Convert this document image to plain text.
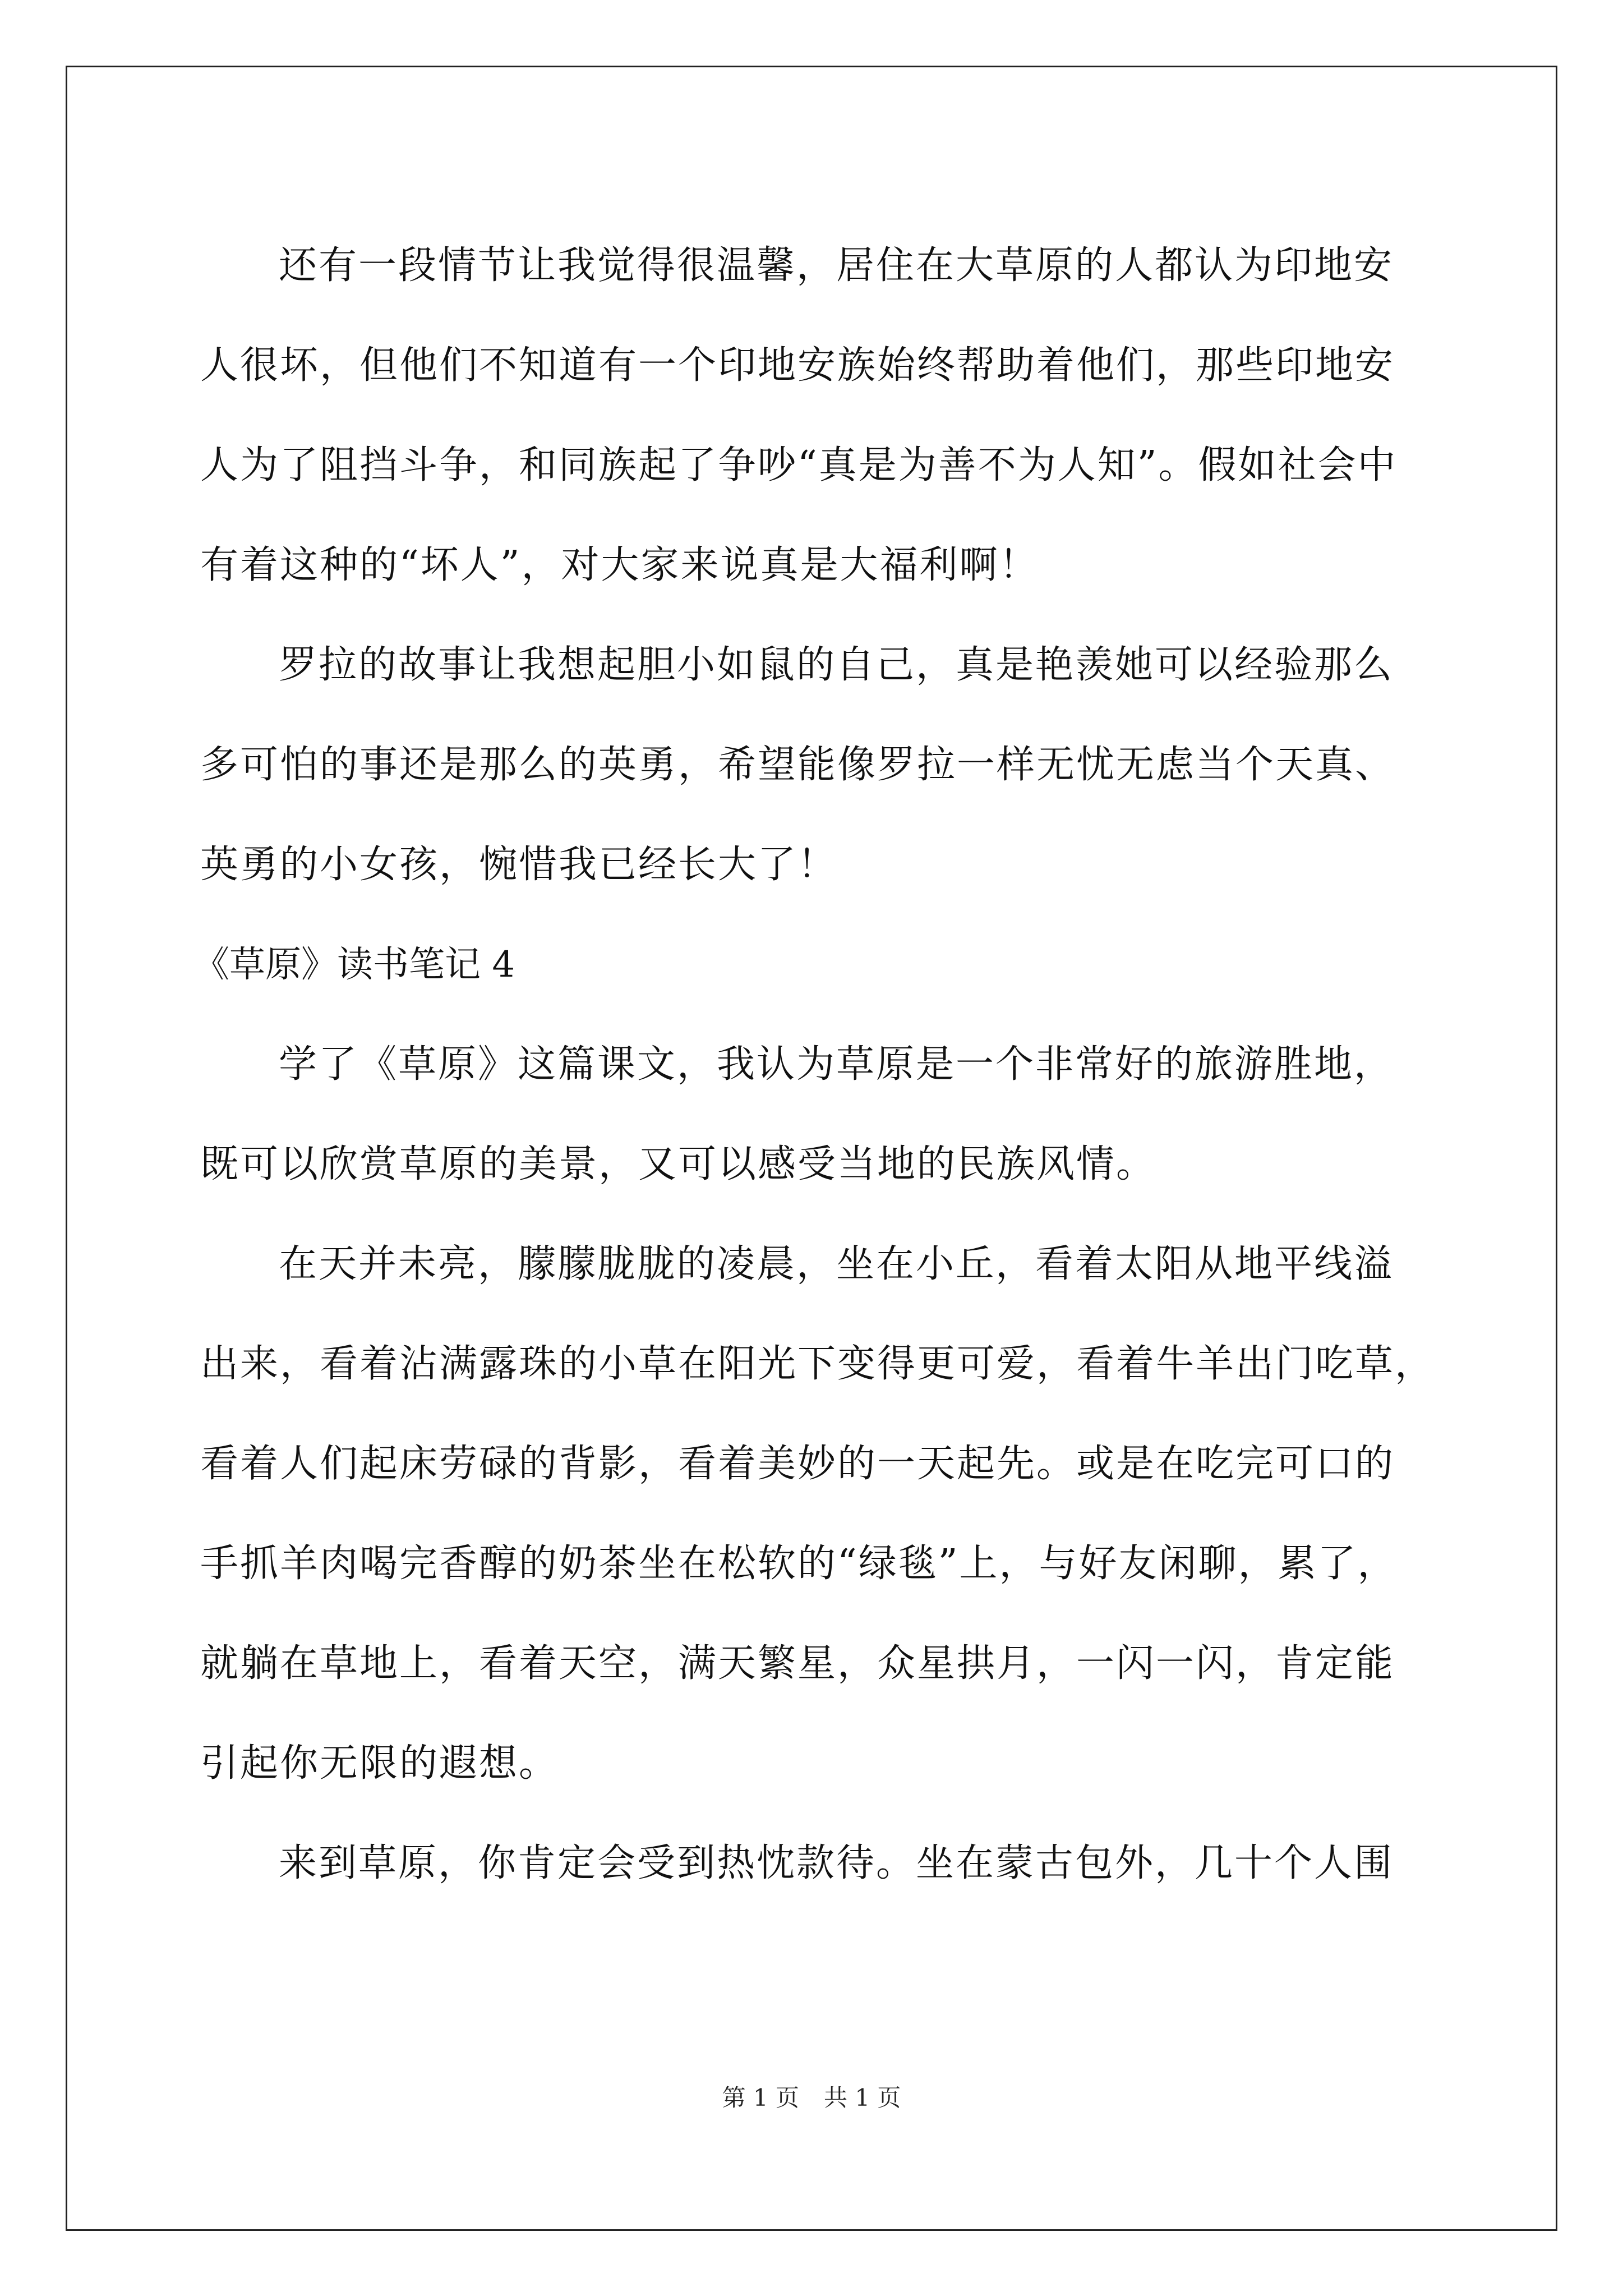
还有一段情节让我觉得很温馨，居住在大草原的人都认为印地安
人很坏，但他们不知道有一个印地安族始终帮助着他们，那些印地安
人为了阻挡斗争，和同族起了争吵“真是为善不为人知”。假如社会中
有着这种的“坏人”，对大家来说真是大福利啊！
罗拉的故事让我想起胆小如鼠的自己，真是艳羡她可以经验那么
多可怕的事还是那么的英勇，希望能像罗拉一样无忧无虑当个天真、
英勇的小女孩，惋惜我已经长大了！
《草原》读书笔记 4
学了《草原》这篇课文，我认为草原是一个非常好的旅游胜地，
既可以欣赏草原的美景，又可以感受当地的民族风情。
在天并未亮，朦朦胧胧的凌晨，坐在小丘，看着太阳从地平线溢
出来，看着沾满露珠的小草在阳光下变得更可爱，看着牛羊出门吃草，
看着人们起床劳碌的背影，看着美妙的一天起先。或是在吃完可口的
手抓羊肉喝完香醇的奶茶坐在松软的“绿毯”上，与好友闲聊，累了，
就躺在草地上，看着天空，满天繁星，众星拱月，一闪一闪，肯定能
引起你无限的遐想。
来到草原，你肯定会受到热忱款待。坐在蒙古包外，几十个人围
第 1 页 共 1 页
